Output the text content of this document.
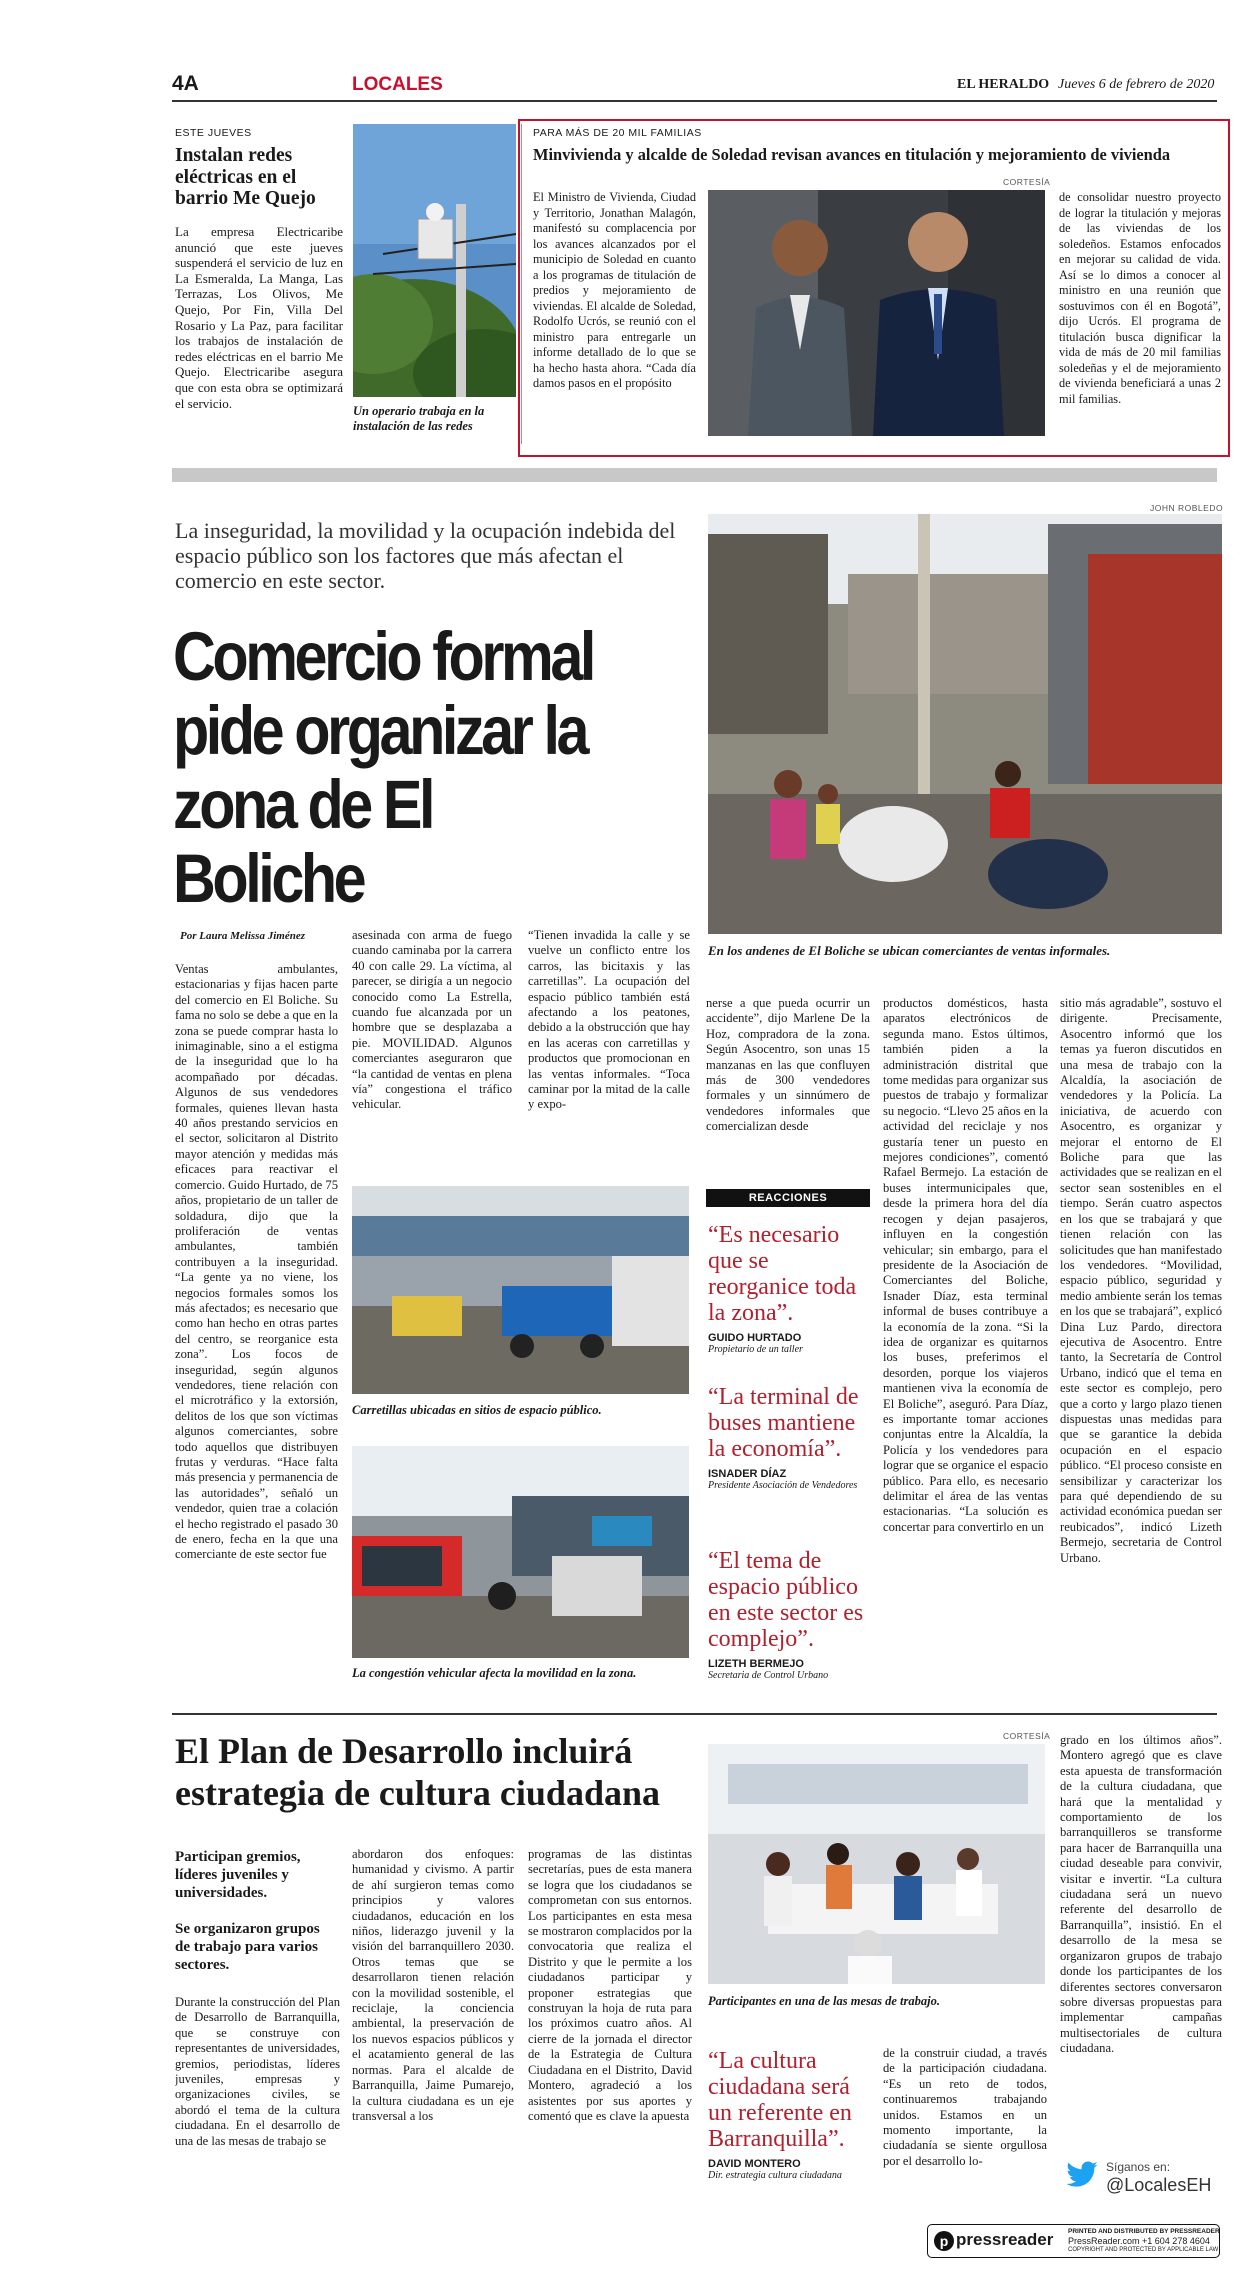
4A	LOCALES	EL HERALDO Jueves 6 de febrero de 2020
ESTE JUEVES
Instalan redes eléctricas en el barrio Me Quejo
La empresa Electricaribe anunció que este jueves suspenderá el servicio de luz en La Esmeralda, La Manga, Las Terrazas, Los Olivos, Me Quejo, Por Fin, Villa Del Rosario y La Paz, para facilitar los trabajos de instalación de redes eléctricas en el barrio Me Quejo. Electricaribe asegura que con esta obra se optimizará el servicio.
Un operario trabaja en la instalación de las redes
PARA MÁS DE 20 MIL FAMILIAS
Minvivienda y alcalde de Soledad revisan avances en titulación y mejoramiento de vivienda
CORTESÍA
El Ministro de Vivienda, Ciudad y Territorio, Jonathan Malagón, manifestó su complacencia por los avances alcanzados por el municipio de Soledad en cuanto a los programas de titulación de predios y mejoramiento de viviendas. El alcalde de Soledad, Rodolfo Ucrós, se reunió con el ministro para entregarle un informe detallado de lo que se ha hecho hasta ahora. “Cada día damos pasos en el propósito
de consolidar nuestro proyecto de lograr la titulación y mejoras de las viviendas de los soledeños. Estamos enfocados en mejorar su calidad de vida. Así se lo dimos a conocer al ministro en una reunión que sostuvimos con él en Bogotá”, dijo Ucrós. El programa de titulación busca dignificar la vida de más de 20 mil familias soledeñas y el de mejoramiento de vivienda beneficiará a unas 2 mil familias.
La inseguridad, la movilidad y la ocupación indebida del espacio público son los factores que más afectan el comercio en este sector.
Comercio formal pide organizar la zona de El Boliche
JOHN ROBLEDO
En los andenes de El Boliche se ubican comerciantes de ventas informales.
Por Laura Melissa Jiménez
Ventas ambulantes, estacionarias y fijas hacen parte del comercio en El Boliche. Su fama no solo se debe a que en la zona se puede comprar hasta lo inimaginable, sino a el estigma de la inseguridad que lo ha acompañado por décadas. Algunos de sus vendedores formales, quienes llevan hasta 40 años prestando servicios en el sector, solicitaron al Distrito mayor atención y medidas más eficaces para reactivar el comercio. Guido Hurtado, de 75 años, propietario de un taller de soldadura, dijo que la proliferación de ventas ambulantes, también contribuyen a la inseguridad. “La gente ya no viene, los negocios formales somos los más afectados; es necesario que como han hecho en otras partes del centro, se reorganice esta zona”. Los focos de inseguridad, según algunos vendedores, tiene relación con el microtráfico y la extorsión, delitos de los que son víctimas algunos comerciantes, sobre todo aquellos que distribuyen frutas y verduras. “Hace falta más presencia y permanencia de las autoridades”, señaló un vendedor, quien trae a colación el hecho registrado el pasado 30 de enero, fecha en la que una comerciante de este sector fue
asesinada con arma de fuego cuando caminaba por la carrera 40 con calle 29. La víctima, al parecer, se dirigía a un negocio conocido como La Estrella, cuando fue alcanzada por un hombre que se desplazaba a pie. MOVILIDAD. Algunos comerciantes aseguraron que “la cantidad de ventas en plena vía” congestiona el tráfico vehicular.
“Tienen invadida la calle y se vuelve un conflicto entre los carros, las bicitaxis y las carretillas”. La ocupación del espacio público también está afectando a los peatones, debido a la obstrucción que hay en las aceras con carretillas y productos que promocionan en las ventas informales. “Toca caminar por la mitad de la calle y expo-
Carretillas ubicadas en sitios de espacio público.
La congestión vehicular afecta la movilidad en la zona.
nerse a que pueda ocurrir un accidente”, dijo Marlene De la Hoz, compradora de la zona. Según Asocentro, son unas 15 manzanas en las que confluyen más de 300 vendedores formales y un sinnúmero de vendedores informales que comercializan desde
productos domésticos, hasta aparatos electrónicos de segunda mano. Estos últimos, también piden a la administración distrital que tome medidas para organizar sus puestos de trabajo y formalizar su negocio. “Llevo 25 años en la actividad del reciclaje y nos gustaría tener un puesto en mejores condiciones”, comentó Rafael Bermejo. La estación de buses intermunicipales que, desde la primera hora del día recogen y dejan pasajeros, influyen en la congestión vehicular; sin embargo, para el presidente de la Asociación de Comerciantes del Boliche, Isnader Díaz, esta terminal informal de buses contribuye a la economía de la zona. “Si la idea de organizar es quitarnos los buses, preferimos el desorden, porque los viajeros mantienen viva la economía de El Boliche”, aseguró. Para Díaz, es importante tomar acciones conjuntas entre la Alcaldía, la Policía y los vendedores para lograr que se organice el espacio público. Para ello, es necesario delimitar el área de las ventas estacionarias. “La solución es concertar para convertirlo en un
sitio más agradable”, sostuvo el dirigente. Precisamente, Asocentro informó que los temas ya fueron discutidos en una mesa de trabajo con la Alcaldía, la asociación de vendedores y la Policía. La iniciativa, de acuerdo con Asocentro, es organizar y mejorar el entorno de El Boliche para que las actividades que se realizan en el sector sean sostenibles en el tiempo. Serán cuatro aspectos en los que se trabajará y que tienen relación con las solicitudes que han manifestado los vendedores. “Movilidad, espacio público, seguridad y medio ambiente serán los temas en los que se trabajará”, explicó Dina Luz Pardo, directora ejecutiva de Asocentro. Entre tanto, la Secretaría de Control Urbano, indicó que el tema en este sector es complejo, pero que a corto y largo plazo tienen dispuestas unas medidas para que se garantice la debida ocupación en el espacio público. “El proceso consiste en sensibilizar y caracterizar los para qué dependiendo de su actividad económica puedan ser reubicados”, indicó Lizeth Bermejo, secretaria de Control Urbano.
REACCIONES
“Es necesario que se reorganice toda la zona”.
GUIDO HURTADO
Propietario de un taller
“La terminal de buses mantiene la economía”.
ISNADER DÍAZ
Presidente Asociación de Vendedores
“El tema de espacio público en este sector es complejo”.
LIZETH BERMEJO
Secretaria de Control Urbano
El Plan de Desarrollo incluirá estrategia de cultura ciudadana
Participan gremios, líderes juveniles y universidades.
Se organizaron grupos de trabajo para varios sectores.
Durante la construcción del Plan de Desarrollo de Barranquilla, que se construye con representantes de universidades, gremios, periodistas, líderes juveniles, empresas y organizaciones civiles, se abordó el tema de la cultura ciudadana. En el desarrollo de una de las mesas de trabajo se
abordaron dos enfoques: humanidad y civismo. A partir de ahí surgieron temas como principios y valores ciudadanos, educación en los niños, liderazgo juvenil y la visión del barranquillero 2030. Otros temas que se desarrollaron tienen relación con la movilidad sostenible, el reciclaje, la conciencia ambiental, la preservación de los nuevos espacios públicos y el acatamiento general de las normas. Para el alcalde de Barranquilla, Jaime Pumarejo, la cultura ciudadana es un eje transversal a los
programas de las distintas secretarías, pues de esta manera se logra que los ciudadanos se comprometan con sus entornos. Los participantes en esta mesa se mostraron complacidos por la convocatoria que realiza el Distrito y que le permite a los ciudadanos participar y proponer estrategias que construyan la hoja de ruta para los próximos cuatro años. Al cierre de la jornada el director de la Estrategia de Cultura Ciudadana en el Distrito, David Montero, agradeció a los asistentes por sus aportes y comentó que es clave la apuesta
CORTESÍA
Participantes en una de las mesas de trabajo.
“La cultura ciudadana será un referente en Barranquilla”.
DAVID MONTERO
Dir. estrategia cultura ciudadana
de la construir ciudad, a través de la participación ciudadana. “Es un reto de todos, continuaremos trabajando unidos. Estamos en un momento importante, la ciudadanía se siente orgullosa por el desarrollo lo-
grado en los últimos años”. Montero agregó que es clave esta apuesta de transformación de la cultura ciudadana, que hará que la mentalidad y comportamiento de los barranquilleros se transforme para hacer de Barranquilla una ciudad deseable para convivir, visitar e invertir. “La cultura ciudadana será un nuevo referente del desarrollo de Barranquilla”, insistió. En el desarrollo de la mesa se organizaron grupos de trabajo donde los participantes de los diferentes sectores conversaron sobre diversas propuestas para implementar campañas multisectoriales de cultura ciudadana.
Síganos en:
@LocalesEH
p pressreader PRINTED AND DISTRIBUTED BY PRESSREADER
PressReader.com +1 604 278 4604
COPYRIGHT AND PROTECTED BY APPLICABLE LAW
